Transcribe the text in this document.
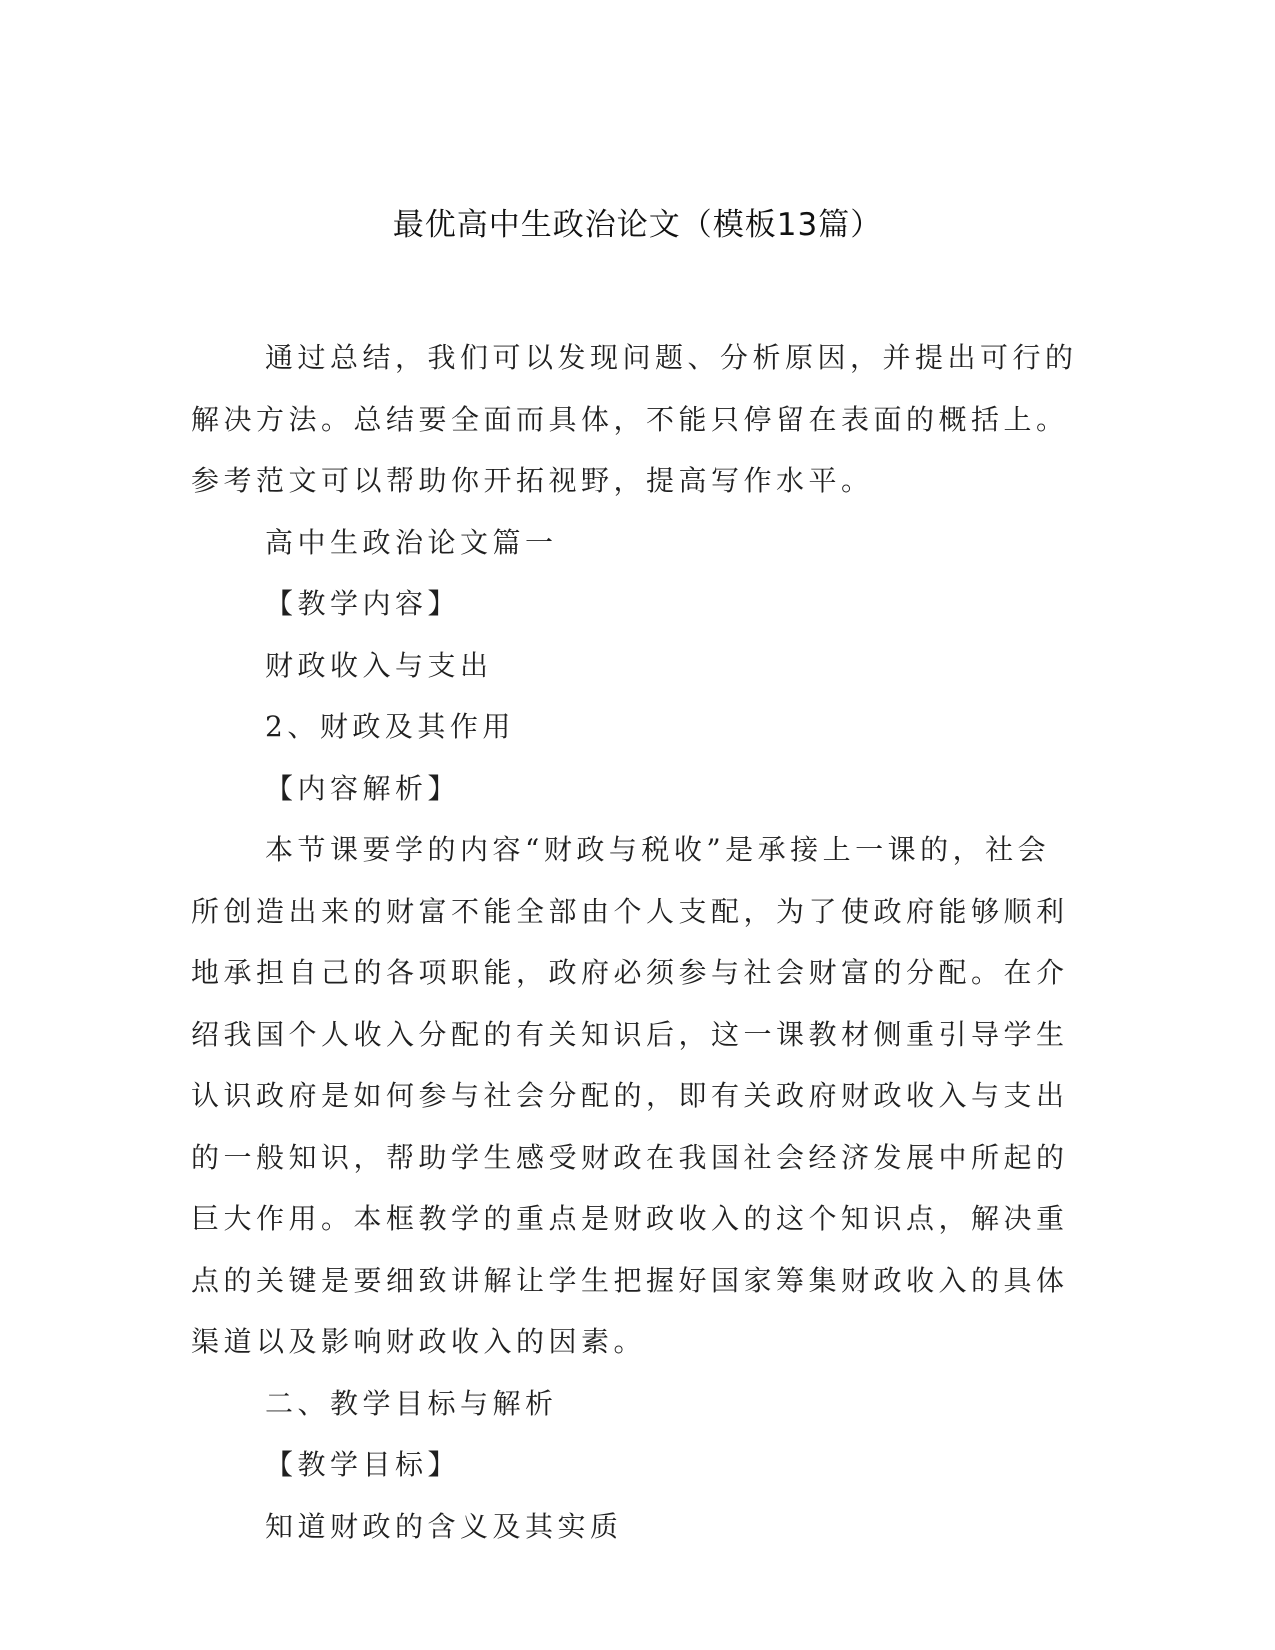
最优高中生政治论文（模板13篇）

通过总结，我们可以发现问题、分析原因，并提出可行的解决方法。总结要全面而具体，不能只停留在表面的概括上。参考范文可以帮助你开拓视野，提高写作水平。

高中生政治论文篇一

【教学内容】

财政收入与支出

2、财政及其作用

【内容解析】

本节课要学的内容“财政与税收”是承接上一课的，社会所创造出来的财富不能全部由个人支配，为了使政府能够顺利地承担自己的各项职能，政府必须参与社会财富的分配。在介绍我国个人收入分配的有关知识后，这一课教材侧重引导学生认识政府是如何参与社会分配的，即有关政府财政收入与支出的一般知识，帮助学生感受财政在我国社会经济发展中所起的巨大作用。本框教学的重点是财政收入的这个知识点，解决重点的关键是要细致讲解让学生把握好国家筹集财政收入的具体渠道以及影响财政收入的因素。

二、教学目标与解析

【教学目标】

知道财政的含义及其实质
